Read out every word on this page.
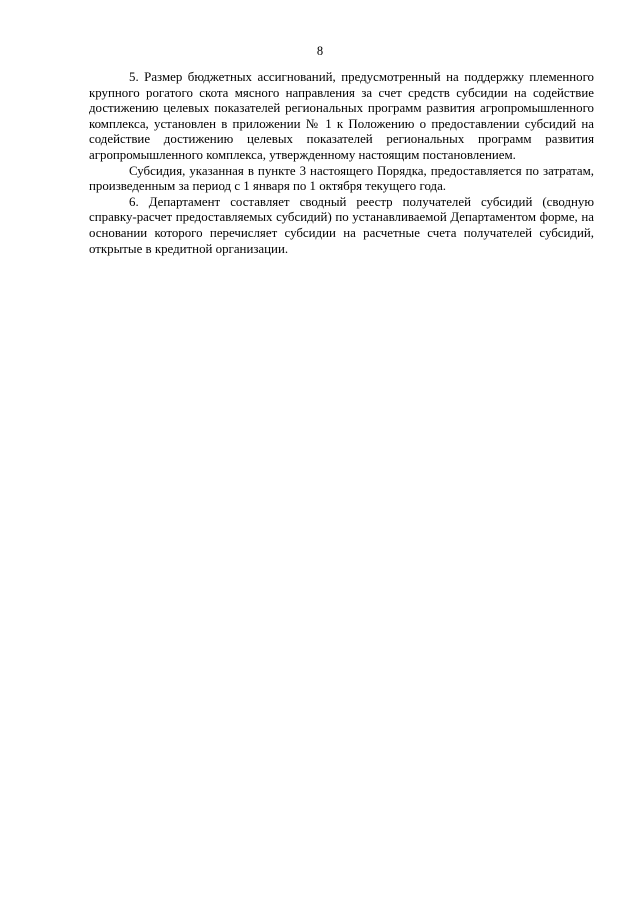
8

5. Размер бюджетных ассигнований, предусмотренный на поддержку племенного крупного рогатого скота мясного направления за счет средств субсидии на содействие достижению целевых показателей региональных программ развития агропромышленного комплекса, установлен в приложении № 1 к Положению о предоставлении субсидий на содействие достижению целевых показателей региональных программ развития агропромышленного комплекса, утвержденному настоящим постановлением.

Субсидия, указанная в пункте 3 настоящего Порядка, предоставляется по затратам, произведенным за период с 1 января по 1 октября текущего года.

6. Департамент составляет сводный реестр получателей субсидий (сводную справку-расчет предоставляемых субсидий) по устанавливаемой Департаментом форме, на основании которого перечисляет субсидии на расчетные счета получателей субсидий, открытые в кредитной организации.
